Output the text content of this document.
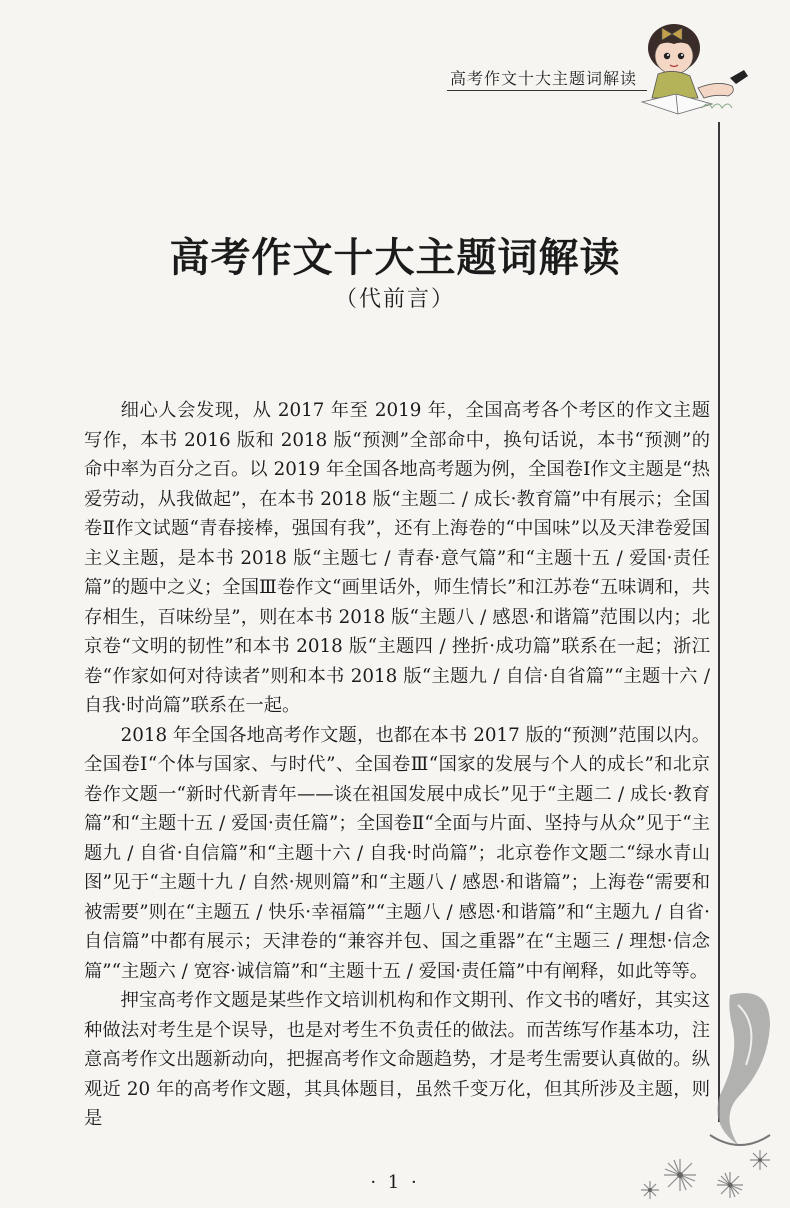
高考作文十大主题词解读
高考作文十大主题词解读
（代前言）

细心人会发现，从 2017 年至 2019 年，全国高考各个考区的作文主题写作，本书 2016 版和 2018 版“预测”全部命中，换句话说，本书“预测”的命中率为百分之百。以 2019 年全国各地高考题为例，全国卷Ⅰ作文主题是“热爱劳动，从我做起”，在本书 2018 版“主题二 / 成长·教育篇”中有展示；全国卷Ⅱ作文试题“青春接棒，强国有我”，还有上海卷的“中国味”以及天津卷爱国主义主题，是本书 2018 版“主题七 / 青春·意气篇”和“主题十五 / 爱国·责任篇”的题中之义；全国Ⅲ卷作文“画里话外，师生情长”和江苏卷“五味调和，共存相生，百味纷呈”，则在本书 2018 版“主题八 / 感恩·和谐篇”范围以内；北京卷“文明的韧性”和本书 2018 版“主题四 / 挫折·成功篇”联系在一起；浙江卷“作家如何对待读者”则和本书 2018 版“主题九 / 自信·自省篇”“主题十六 / 自我·时尚篇”联系在一起。

2018 年全国各地高考作文题，也都在本书 2017 版的“预测”范围以内。全国卷Ⅰ“个体与国家、与时代”、全国卷Ⅲ“国家的发展与个人的成长”和北京卷作文题一“新时代新青年——谈在祖国发展中成长”见于“主题二 / 成长·教育篇”和“主题十五 / 爱国·责任篇”；全国卷Ⅱ“全面与片面、坚持与从众”见于“主题九 / 自省·自信篇”和“主题十六 / 自我·时尚篇”；北京卷作文题二“绿水青山图”见于“主题十九 / 自然·规则篇”和“主题八 / 感恩·和谐篇”；上海卷“需要和被需要”则在“主题五 / 快乐·幸福篇”“主题八 / 感恩·和谐篇”和“主题九 / 自省·自信篇”中都有展示；天津卷的“兼容并包、国之重器”在“主题三 / 理想·信念篇”“主题六 / 宽容·诚信篇”和“主题十五 / 爱国·责任篇”中有阐释，如此等等。

押宝高考作文题是某些作文培训机构和作文期刊、作文书的嗜好，其实这种做法对考生是个误导，也是对考生不负责任的做法。而苦练写作基本功，注意高考作文出题新动向，把握高考作文命题趋势，才是考生需要认真做的。纵观近 20 年的高考作文题，其具体题目，虽然千变万化，但其所涉及主题，则是

· 1 ·
